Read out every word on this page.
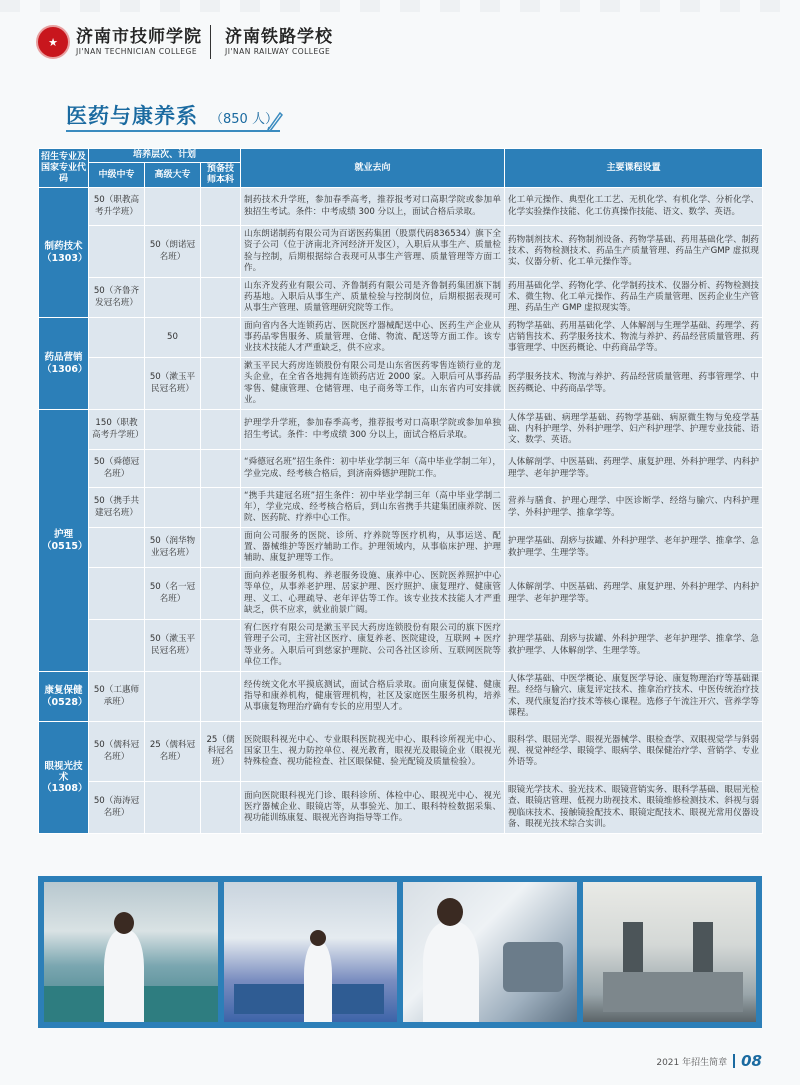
★	济南市技师学院
JI'NAN TECHNICIAN COLLEGE
济南铁路学校
JI'NAN RAILWAY COLLEGE
医药与康养系 （850 人）
招生专业及国家专业代码	培养层次、计划			就业去向	主要课程设置
	中级中专	高级大专	预备技师本科		
制药技术（1303）	50（职教高考升学班）			制药技术升学班，参加春季高考，推荐报考对口高职学院或参加单独招生考试。条件：中考成绩 300 分以上，面试合格后录取。	化工单元操作、典型化工工艺、无机化学、有机化学、分析化学、化学实验操作技能、化工仿真操作技能、语文、数学、英语。
		50（朗诺冠名班）		山东朗诺制药有限公司为百诺医药集团（股票代码836534）旗下全资子公司（位于济南北齐河经济开发区），入职后从事生产、质量检验与控制，后期根据综合表现可从事生产管理、质量管理等方面工作。	药物制剂技术、药物制剂设备、药物学基础、药用基础化学、制药技术、药物检测技术、药品生产质量管理、药品生产GMP 虚拟现实、仪器分析、化工单元操作等。
	50（齐鲁齐发冠名班）			山东齐发药业有限公司、齐鲁制药有限公司是齐鲁制药集团旗下制药基地。入职后从事生产、质量检验与控制岗位，后期根据表现可从事生产管理、质量管理研究院等工作。	药用基础化学、药物化学、化学制药技术、仪器分析、药物检测技术、微生物、化工单元操作、药品生产质量管理、医药企业生产管理、药品生产 GMP 虚拟现实等。
药品营销（1306）		50		面向省内各大连锁药店、医院医疗器械配送中心、医药生产企业从事药品零售服务、质量管理、仓储、物流、配送等方面工作。该专业技术技能人才严重缺乏，供不应求。	药物学基础、药用基础化学、人体解剖与生理学基础、药理学、药店销售技术、药学服务技术、物流与养护、药品经营质量管理、药事管理学、中医药概论、中药商品学等。
		50（漱玉平民冠名班）		漱玉平民大药房连锁股份有限公司是山东省医药零售连锁行业的龙头企业，在全省各地拥有连锁药店近 2000 家。入职后可从事药品零售、健康管理、仓储管理、电子商务等工作，山东省内可安排就业。	药学服务技术、物流与养护、药品经营质量管理、药事管理学、中医药概论、中药商品学等。
护理（0515）	150（职教高考升学班）			护理学升学班，参加春季高考，推荐报考对口高职学院或参加单独招生考试。条件：中考成绩 300 分以上，面试合格后录取。	人体学基础、病理学基础、药物学基础、病原微生物与免疫学基础、内科护理学、外科护理学、妇产科护理学、护理专业技能、语文、数学、英语。
	50（舜德冠名班）			“舜德冠名班”招生条件：初中毕业学制三年（高中毕业学制二年），学业完成、经考核合格后，到济南舜德护理院工作。	人体解剖学、中医基础、药理学、康复护理、外科护理学、内科护理学、老年护理学等。
	50（携手共建冠名班）			“携手共建冠名班”招生条件：初中毕业学制三年（高中毕业学制二年），学业完成、经考核合格后，到山东省携手共建集团康养院、医院、医药院、疗养中心工作。	营养与膳食、护理心理学、中医诊断学、经络与腧穴、内科护理学、外科护理学、推拿学等。
		50（润华物业冠名班）		面向公司服务的医院、诊所、疗养院等医疗机构，从事运送、配置、器械维护等医疗辅助工作。护理领域内，从事临床护理、护理辅助、康复护理等工作。	护理学基础、刮痧与拔罐、外科护理学、老年护理学、推拿学、急救护理学、生理学等。
		50（名一冠名班）		面向养老服务机构、养老服务设施、康养中心、医院医养照护中心等单位，从事养老护理、居家护理、医疗照护、康复理疗、健康管理、义工、心理疏导、老年评估等工作。该专业技术技能人才严重缺乏，供不应求，就业前景广阔。	人体解剖学、中医基础、药理学、康复护理、外科护理学、内科护理学、老年护理学等。
		50（漱玉平民冠名班）		宥仁医疗有限公司是漱玉平民大药房连锁股份有限公司的旗下医疗管理子公司，主营社区医疗、康复养老、医院建设，互联网 + 医疗等业务。入职后可到慈家护理院、公司各社区诊所、互联网医院等单位工作。	护理学基础、刮痧与拔罐、外科护理学、老年护理学、推拿学、急救护理学、人体解剖学、生理学等。
康复保健（0528）	50（工惠师承班）			经传统文化水平摸底测试，面试合格后录取。面向康复保健、健康指导和康养机构，健康管理机构，社区及家庭医生服务机构，培养从事康复物理治疗确有专长的应用型人才。	人体学基础、中医学概论、康复医学导论、康复物理治疗等基础课程。经络与腧穴、康复评定技术、推拿治疗技术、中医传统治疗技术、现代康复治疗技术等核心课程。选修子午流注开穴、营养学等课程。
眼视光技术（1308）	50（儒科冠名班）	25（儒科冠名班）	25（儒科冠名班）	医院眼科视光中心、专业眼科医院视光中心、眼科诊所视光中心、国家卫生、视力防控单位、视光教育，眼视光及眼镜企业（眼视光特殊检查、视功能检查、社区眼保健、验光配镜及质量检验）。	眼科学、眼屈光学、眼视光器械学、眼检查学、双眼视觉学与斜弱视、视觉神经学、眼镜学、眼病学、眼保健治疗学、营销学、专业外语等。
	50（海涛冠名班）			面向医院眼科视光门诊、眼科诊所、体检中心、眼视光中心、视光医疗器械企业、眼镜店等，从事验光、加工、眼科特检数据采集、视功能训练康复、眼视光咨询指导等工作。	眼镜光学技术、验光技术、眼镜营销实务、眼科学基础、眼屈光检查、眼镜店管理、低视力助视技术、眼镜维修检测技术、斜视与弱视临床技术、接触镜验配技术、眼镜定配技术、眼视光常用仪器设备、眼视光技术综合实训。
2021 年招生简章 08
